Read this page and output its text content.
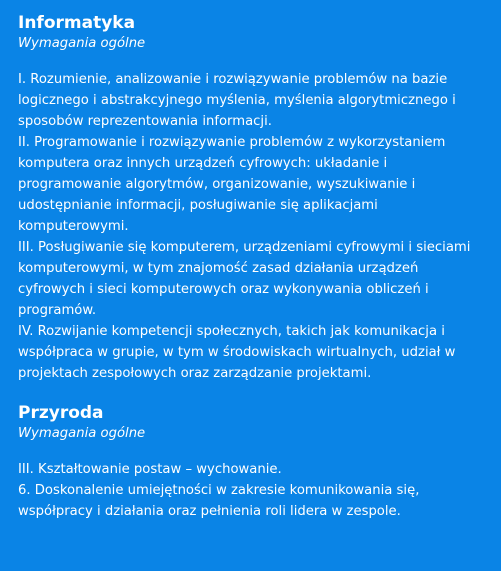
Informatyka
Wymagania ogólne
I. Rozumienie, analizowanie i rozwiązywanie problemów na bazie logicznego i abstrakcyjnego myślenia, myślenia algorytmicznego i sposobów reprezentowania informacji.
II. Programowanie i rozwiązywanie problemów z wykorzystaniem komputera oraz innych urządzeń cyfrowych: układanie i programowanie algorytmów, organizowanie, wyszukiwanie i udostępnianie informacji, posługiwanie się aplikacjami komputerowymi.
III. Posługiwanie się komputerem, urządzeniami cyfrowymi i sieciami komputerowymi, w tym znajomość zasad działania urządzeń cyfrowych i sieci komputerowych oraz wykonywania obliczeń i programów.
IV. Rozwijanie kompetencji społecznych, takich jak komunikacja i współpraca w grupie, w tym w środowiskach wirtualnych, udział w projektach zespołowych oraz zarządzanie projektami.
Przyroda
Wymagania ogólne
III. Kształtowanie postaw – wychowanie.
6. Doskonalenie umiejętności w zakresie komunikowania się, współpracy i działania oraz pełnienia roli lidera w zespole.
